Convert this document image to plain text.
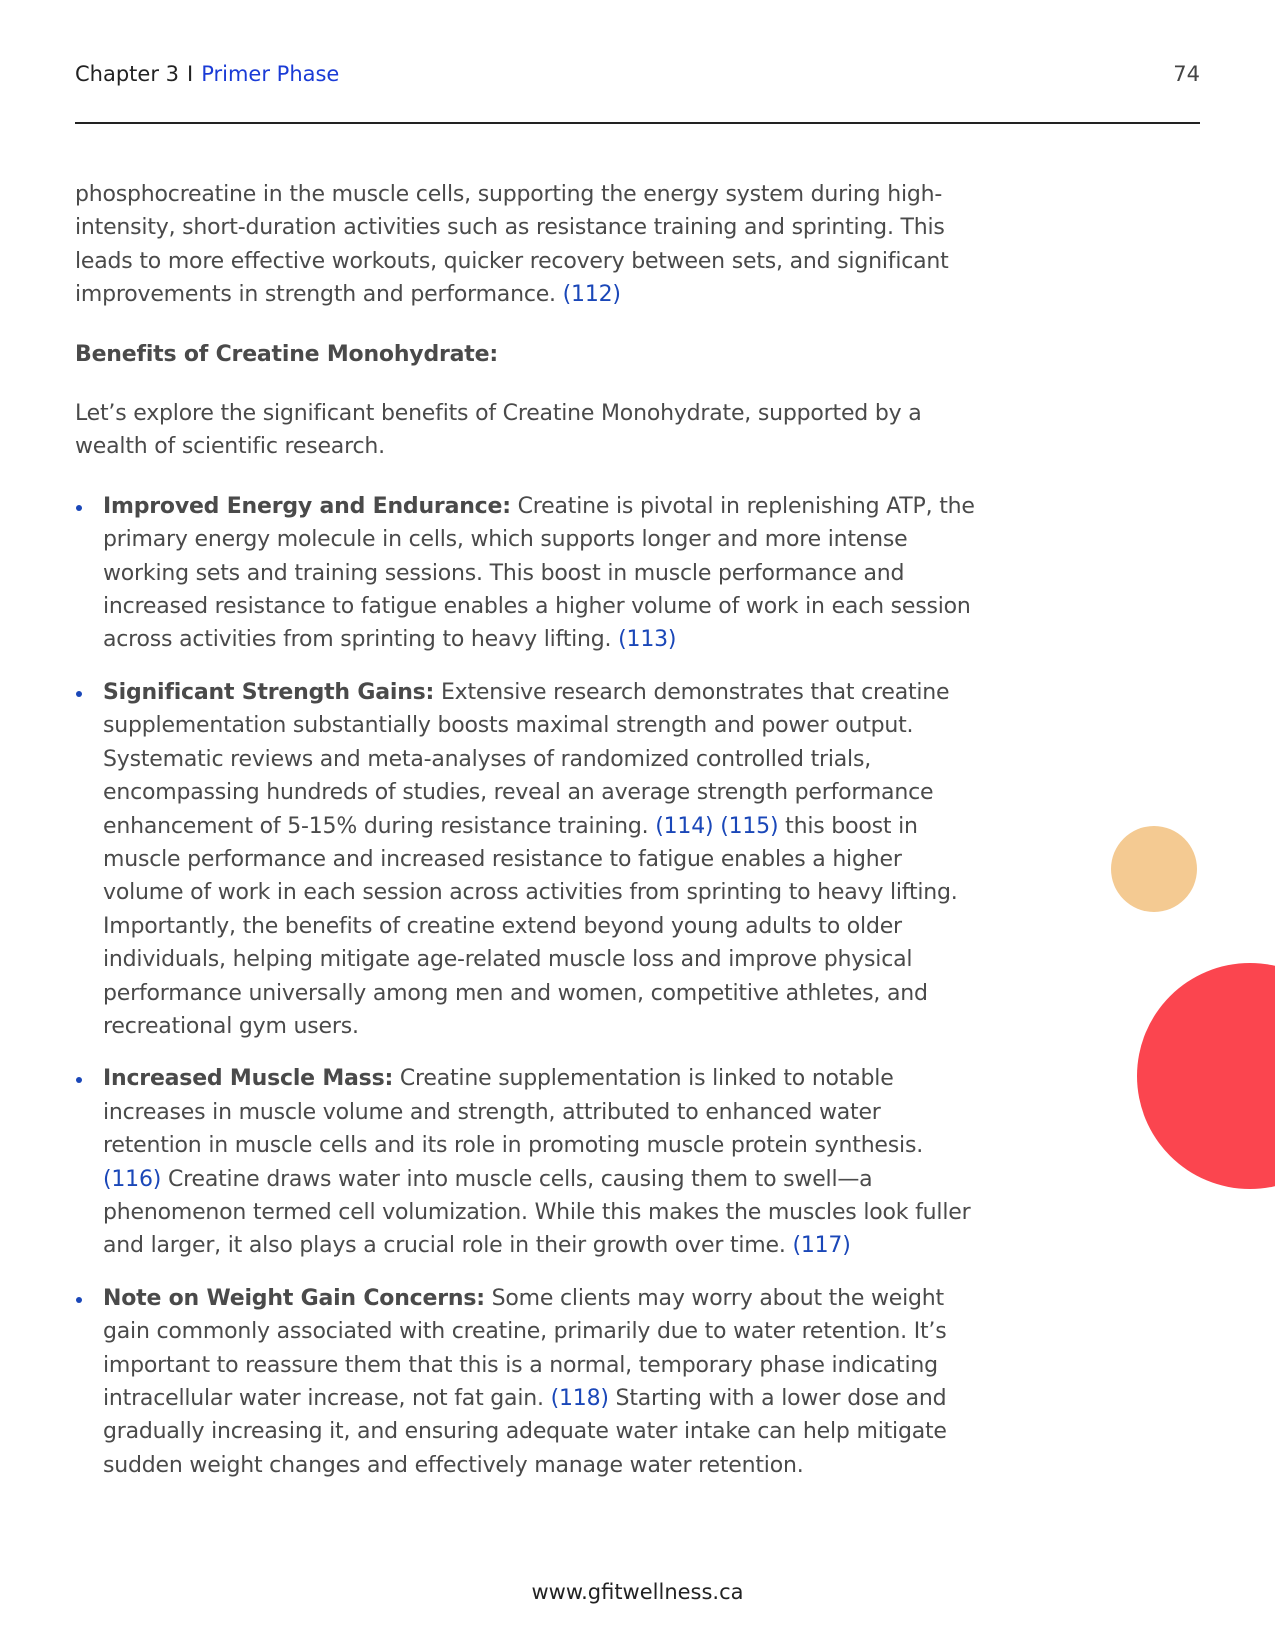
Chapter 3 I Primer Phase	74

phosphocreatine in the muscle cells, supporting the energy system during high-intensity, short-duration activities such as resistance training and sprinting. This leads to more effective workouts, quicker recovery between sets, and significant improvements in strength and performance. (112)

Benefits of Creatine Monohydrate:

Let’s explore the significant benefits of Creatine Monohydrate, supported by a wealth of scientific research.

Improved Energy and Endurance: Creatine is pivotal in replenishing ATP, the primary energy molecule in cells, which supports longer and more intense working sets and training sessions. This boost in muscle performance and increased resistance to fatigue enables a higher volume of work in each session across activities from sprinting to heavy lifting. (113)
Significant Strength Gains: Extensive research demonstrates that creatine supplementation substantially boosts maximal strength and power output. Systematic reviews and meta-analyses of randomized controlled trials, encompassing hundreds of studies, reveal an average strength performance enhancement of 5-15% during resistance training. (114) (115) this boost in muscle performance and increased resistance to fatigue enables a higher volume of work in each session across activities from sprinting to heavy lifting. Importantly, the benefits of creatine extend beyond young adults to older individuals, helping mitigate age-related muscle loss and improve physical performance universally among men and women, competitive athletes, and recreational gym users.
Increased Muscle Mass: Creatine supplementation is linked to notable increases in muscle volume and strength, attributed to enhanced water retention in muscle cells and its role in promoting muscle protein synthesis. (116) Creatine draws water into muscle cells, causing them to swell—a phenomenon termed cell volumization. While this makes the muscles look fuller and larger, it also plays a crucial role in their growth over time. (117)
Note on Weight Gain Concerns: Some clients may worry about the weight gain commonly associated with creatine, primarily due to water retention. It’s important to reassure them that this is a normal, temporary phase indicating intracellular water increase, not fat gain. (118) Starting with a lower dose and gradually increasing it, and ensuring adequate water intake can help mitigate sudden weight changes and effectively manage water retention.
www.gfitwellness.ca
